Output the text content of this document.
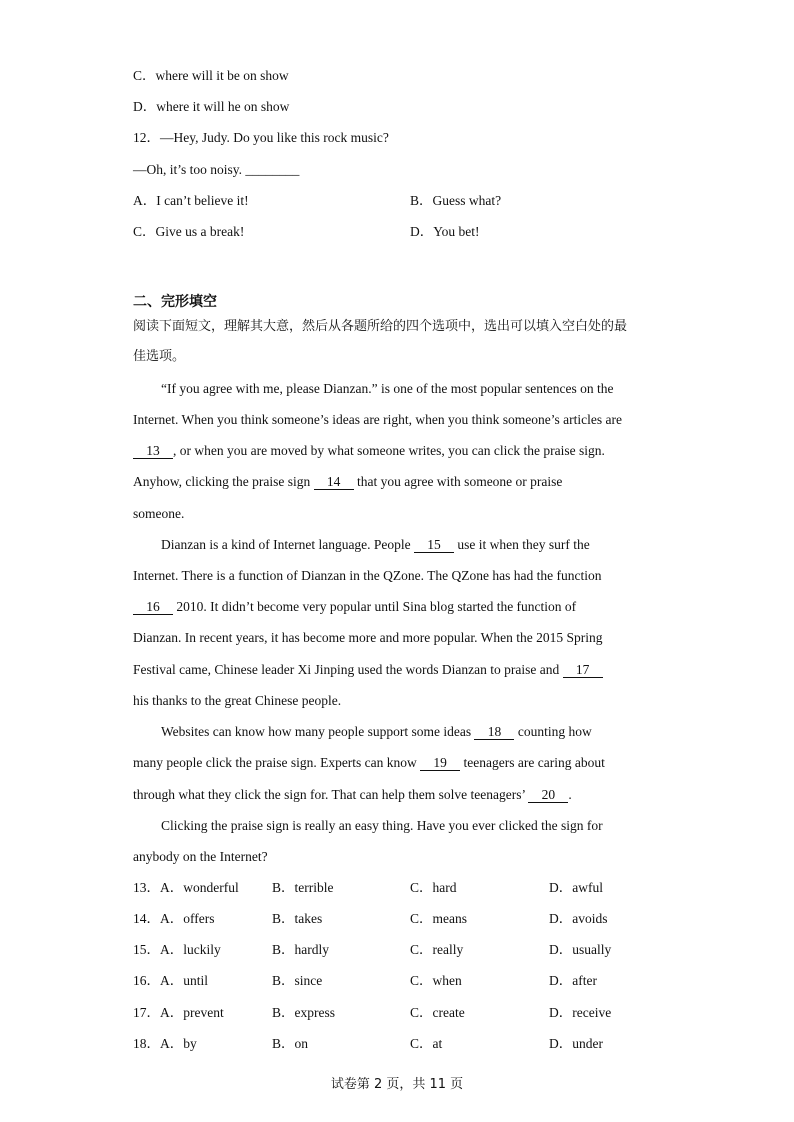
C．where will it be on show
D．where it will he on show
12．—Hey, Judy. Do you like this rock music?
—Oh, it’s too noisy. ________
A．I can’t believe it!	B．Guess what?
C．Give us a break!	D．You bet!
二、完形填空
阅读下面短文，理解其大意，然后从各题所给的四个选项中，选出可以填入空白处的最
佳选项。
“If you agree with me, please Dianzan.” is one of the most popular sentences on the
Internet. When you think someone’s ideas are right, when you think someone’s articles are
13 , or when you are moved by what someone writes, you can click the praise sign.
Anyhow, clicking the praise sign 14 that you agree with someone or praise
someone.
Dianzan is a kind of Internet language. People 15 use it when they surf the
Internet. There is a function of Dianzan in the QZone. The QZone has had the function
16 2010. It didn’t become very popular until Sina blog started the function of
Dianzan. In recent years, it has become more and more popular. When the 2015 Spring
Festival came, Chinese leader Xi Jinping used the words Dianzan to praise and 17
his thanks to the great Chinese people.
Websites can know how many people support some ideas 18 counting how
many people click the praise sign. Experts can know 19 teenagers are caring about
through what they click the sign for. That can help them solve teenagers’ 20 .
Clicking the praise sign is really an easy thing. Have you ever clicked the sign for
anybody on the Internet?
13．A．wonderful B．terrible	C．hard	D．awful
14．A．offers	B．takes	C．means	D．avoids
15．A．luckily	B．hardly	C．really	D．usually
16．A．until	B．since	C．when	D．after
17．A．prevent	B．express	C．create	D．receive
18．A．by	B．on	C．at	D．under
试卷第 2 页，共 11 页
